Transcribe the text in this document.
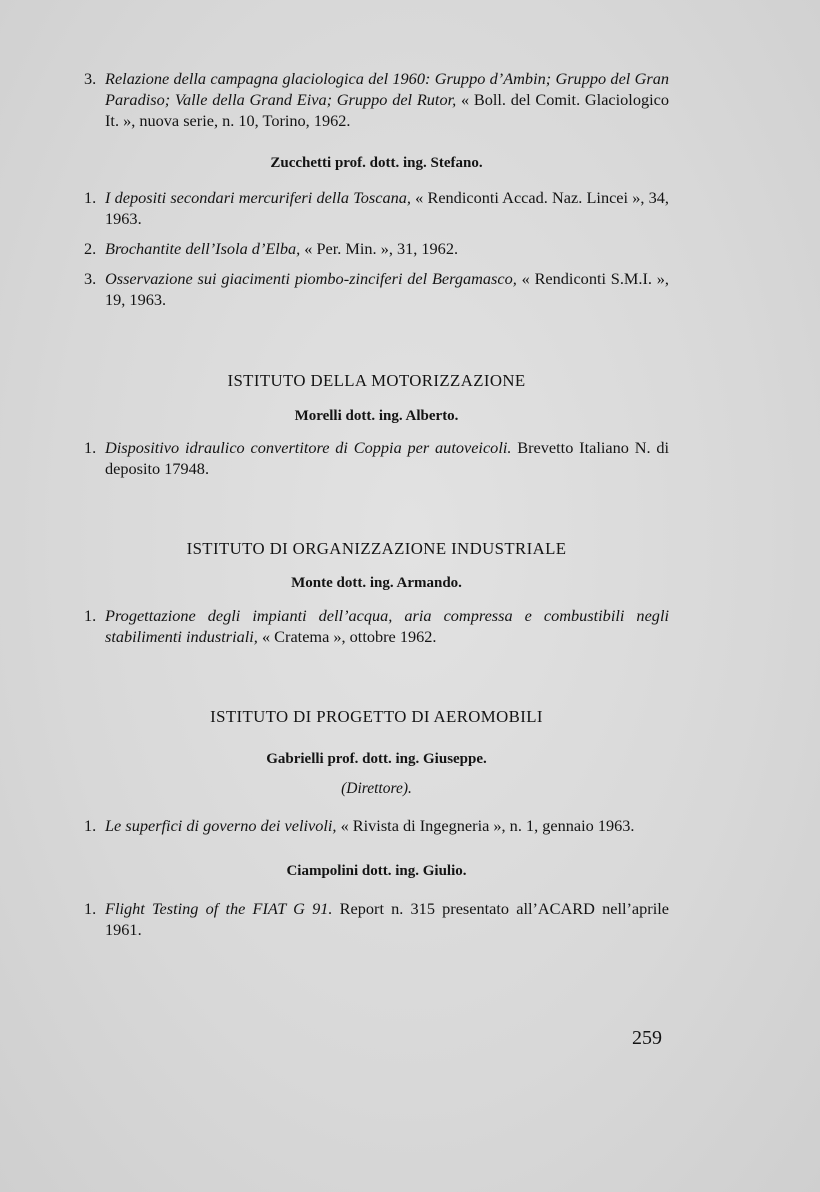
3. Relazione della campagna glaciologica del 1960: Gruppo d’Ambin; Gruppo del Gran Paradiso; Valle della Grand Eiva; Gruppo del Rutor, « Boll. del Comit. Glaciologico It. », nuova serie, n. 10, Torino, 1962.
Zucchetti prof. dott. ing. Stefano.
1. I depositi secondari mercuriferi della Toscana, « Rendiconti Accad. Naz. Lincei », 34, 1963.
2. Brochantite dell’Isola d’Elba, « Per. Min. », 31, 1962.
3. Osservazione sui giacimenti piombo-zinciferi del Bergamasco, « Rendiconti S.M.I. », 19, 1963.
ISTITUTO DELLA MOTORIZZAZIONE
Morelli dott. ing. Alberto.
1. Dispositivo idraulico convertitore di Coppia per autoveicoli. Brevetto Italiano N. di deposito 17948.
ISTITUTO DI ORGANIZZAZIONE INDUSTRIALE
Monte dott. ing. Armando.
1. Progettazione degli impianti dell’acqua, aria compressa e combustibili negli stabilimenti industriali, « Cratema », ottobre 1962.
ISTITUTO DI PROGETTO DI AEROMOBILI
Gabrielli prof. dott. ing. Giuseppe.
(Direttore).
1. Le superfici di governo dei velivoli, « Rivista di Ingegneria », n. 1, gennaio 1963.
Ciampolini dott. ing. Giulio.
1. Flight Testing of the FIAT G 91. Report n. 315 presentato all’ACARD nell’aprile 1961.
259
